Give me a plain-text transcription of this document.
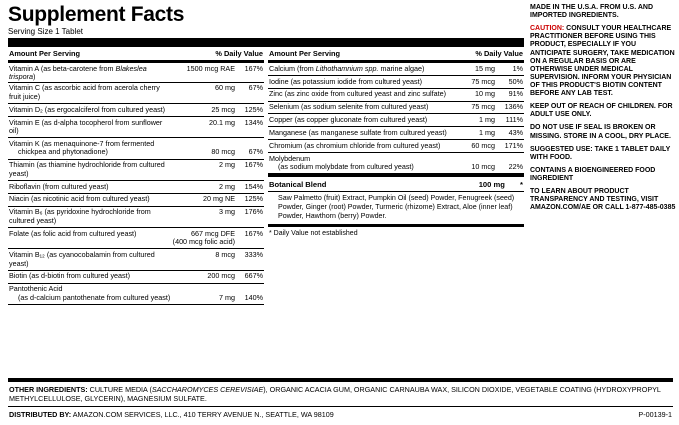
Supplement Facts
Serving Size 1 Tablet
Amount Per Serving	% Daily Value
Vitamin A (as beta-carotene from Blakeslea trispora)	1500 mcg RAE	167%

Vitamin C (as ascorbic acid from acerola cherry fruit juice)	60 mg	67%
Vitamin D₂ (as ergocalciferol from cultured yeast)	25 mcg	125%
Vitamin E (as d-alpha tocopherol from sunflower oil)	20.1 mg	134%
Vitamin K (as menaquinone-7 from fermented		
chickpea and phytonadione)	80 mcg	67%
Thiamin (as thiamine hydrochloride from cultured yeast)	2 mg	167%
Riboflavin (from cultured yeast)	2 mg	154%
Niacin (as nicotinic acid from cultured yeast)	20 mg NE	125%
Vitamin B₆ (as pyridoxine hydrochloride from cultured yeast)	3 mg	176%
Folate (as folic acid from cultured yeast)	667 mcg DFE	167%
	(400 mcg folic acid)	
Vitamin B₁₂ (as cyanocobalamin from cultured yeast)	8 mcg	333%
Biotin (as d-biotin from cultured yeast)	200 mcg	667%
Pantothenic Acid		
(as d-calcium pantothenate from cultured yeast)	7 mg	140%
Amount Per Serving	% Daily Value
Calcium (from Lithothamnium spp. marine algae)	15 mg	1%
Iodine (as potassium iodide from cultured yeast)	75 mcg	50%
Zinc (as zinc oxide from cultured yeast and zinc sulfate)	10 mg	91%
Selenium (as sodium selenite from cultured yeast)	75 mcg	136%
Copper (as copper gluconate from cultured yeast)	1 mg	111%
Manganese (as manganese sulfate from cultured yeast)	1 mg	43%
Chromium (as chromium chloride from cultured yeast)	60 mcg	171%
Molybdenum		
(as sodium molybdate from cultured yeast)	10 mcg	22%
Botanical Blend	100 mg *
Saw Palmetto (fruit) Extract, Pumpkin Oil (seed) Powder, Fenugreek (seed) Powder, Ginger (root) Powder, Turmeric (rhizome) Extract, Aloe (inner leaf) Powder, Hawthorn (berry) Powder.
* Daily Value not established
MADE IN THE U.S.A. FROM U.S. AND IMPORTED INGREDIENTS.
CAUTION: CONSULT YOUR HEALTHCARE PRACTITIONER BEFORE USING THIS PRODUCT, ESPECIALLY IF YOU ANTICIPATE SURGERY, TAKE MEDICATION ON A REGULAR BASIS OR ARE OTHERWISE UNDER MEDICAL SUPERVISION. INFORM YOUR PHYSICIAN OF THIS PRODUCT'S BIOTIN CONTENT BEFORE ANY LAB TEST.
KEEP OUT OF REACH OF CHILDREN. FOR ADULT USE ONLY.
DO NOT USE IF SEAL IS BROKEN OR MISSING. STORE IN A COOL, DRY PLACE.
SUGGESTED USE: TAKE 1 TABLET DAILY WITH FOOD.
CONTAINS A BIOENGINEERED FOOD INGREDIENT
TO LEARN ABOUT PRODUCT TRANSPARENCY AND TESTING, VISIT AMAZON.COM/AE OR CALL 1-877-485-0385
OTHER INGREDIENTS: CULTURE MEDIA (SACCHAROMYCES CEREVISIAE), ORGANIC ACACIA GUM, ORGANIC CARNAUBA WAX, SILICON DIOXIDE, VEGETABLE COATING (HYDROXYPROPYL METHYLCELLULOSE, GLYCERIN), MAGNESIUM SULFATE.
DISTRIBUTED BY: AMAZON.COM SERVICES, LLC., 410 TERRY AVENUE N., SEATTLE, WA 98109	P-00139-1
